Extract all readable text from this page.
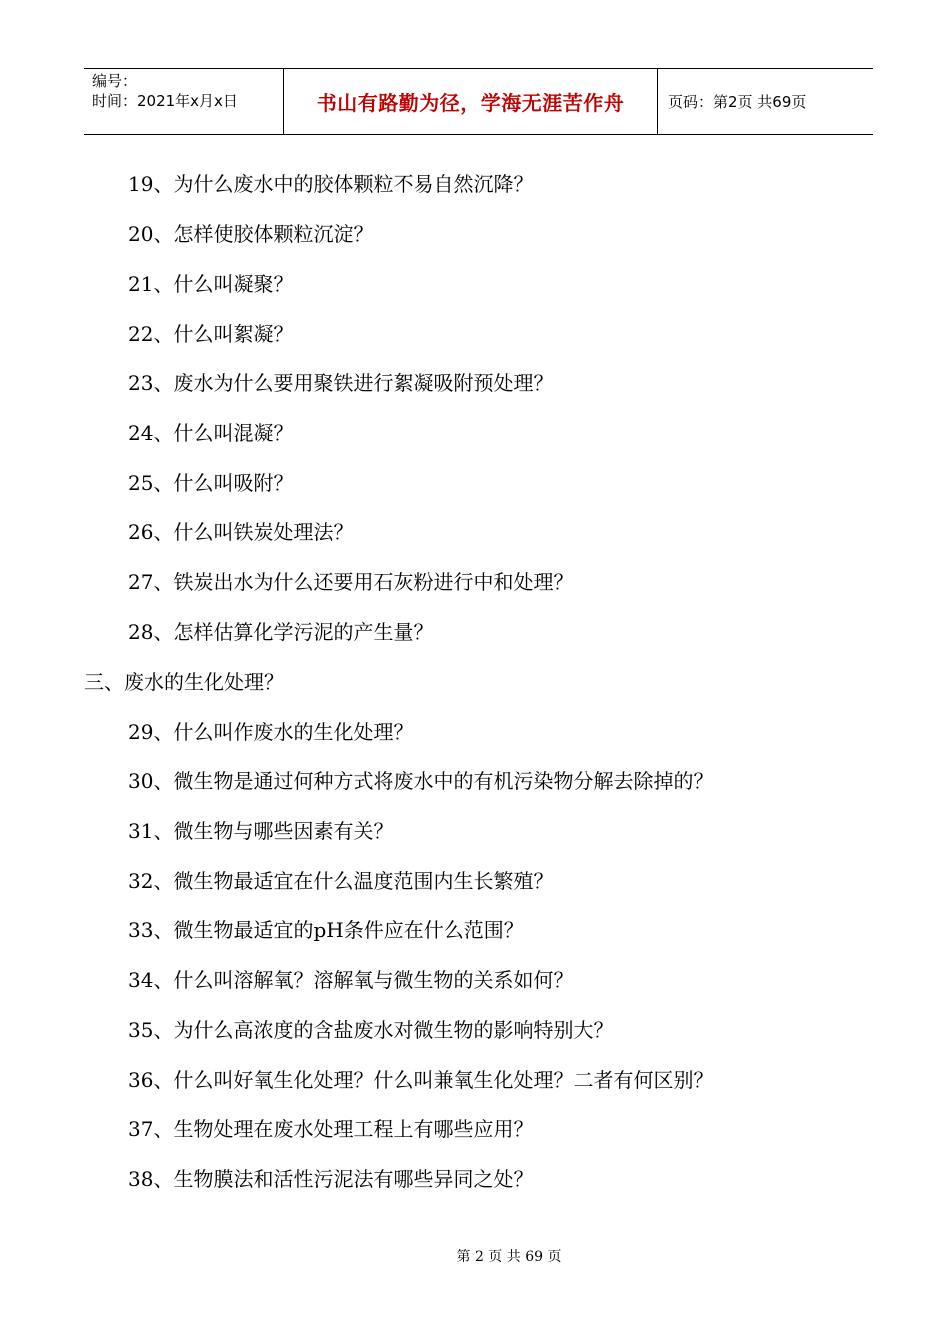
编号：
时间：2021年x月x日	书山有路勤为径，学海无涯苦作舟	页码：第2页 共69页
19、为什么废水中的胶体颗粒不易自然沉降？
20、怎样使胶体颗粒沉淀？
21、什么叫凝聚？
22、什么叫絮凝？
23、废水为什么要用聚铁进行絮凝吸附预处理？
24、什么叫混凝？
25、什么叫吸附？
26、什么叫铁炭处理法？
27、铁炭出水为什么还要用石灰粉进行中和处理？
28、怎样估算化学污泥的产生量？
三、废水的生化处理？
29、什么叫作废水的生化处理？
30、微生物是通过何种方式将废水中的有机污染物分解去除掉的？
31、微生物与哪些因素有关？
32、微生物最适宜在什么温度范围内生长繁殖？
33、微生物最适宜的pH条件应在什么范围？
34、什么叫溶解氧？溶解氧与微生物的关系如何？
35、为什么高浓度的含盐废水对微生物的影响特别大？
36、什么叫好氧生化处理？什么叫兼氧生化处理？二者有何区别？
37、生物处理在废水处理工程上有哪些应用？
38、生物膜法和活性污泥法有哪些异同之处？
第 2 页 共 69 页
